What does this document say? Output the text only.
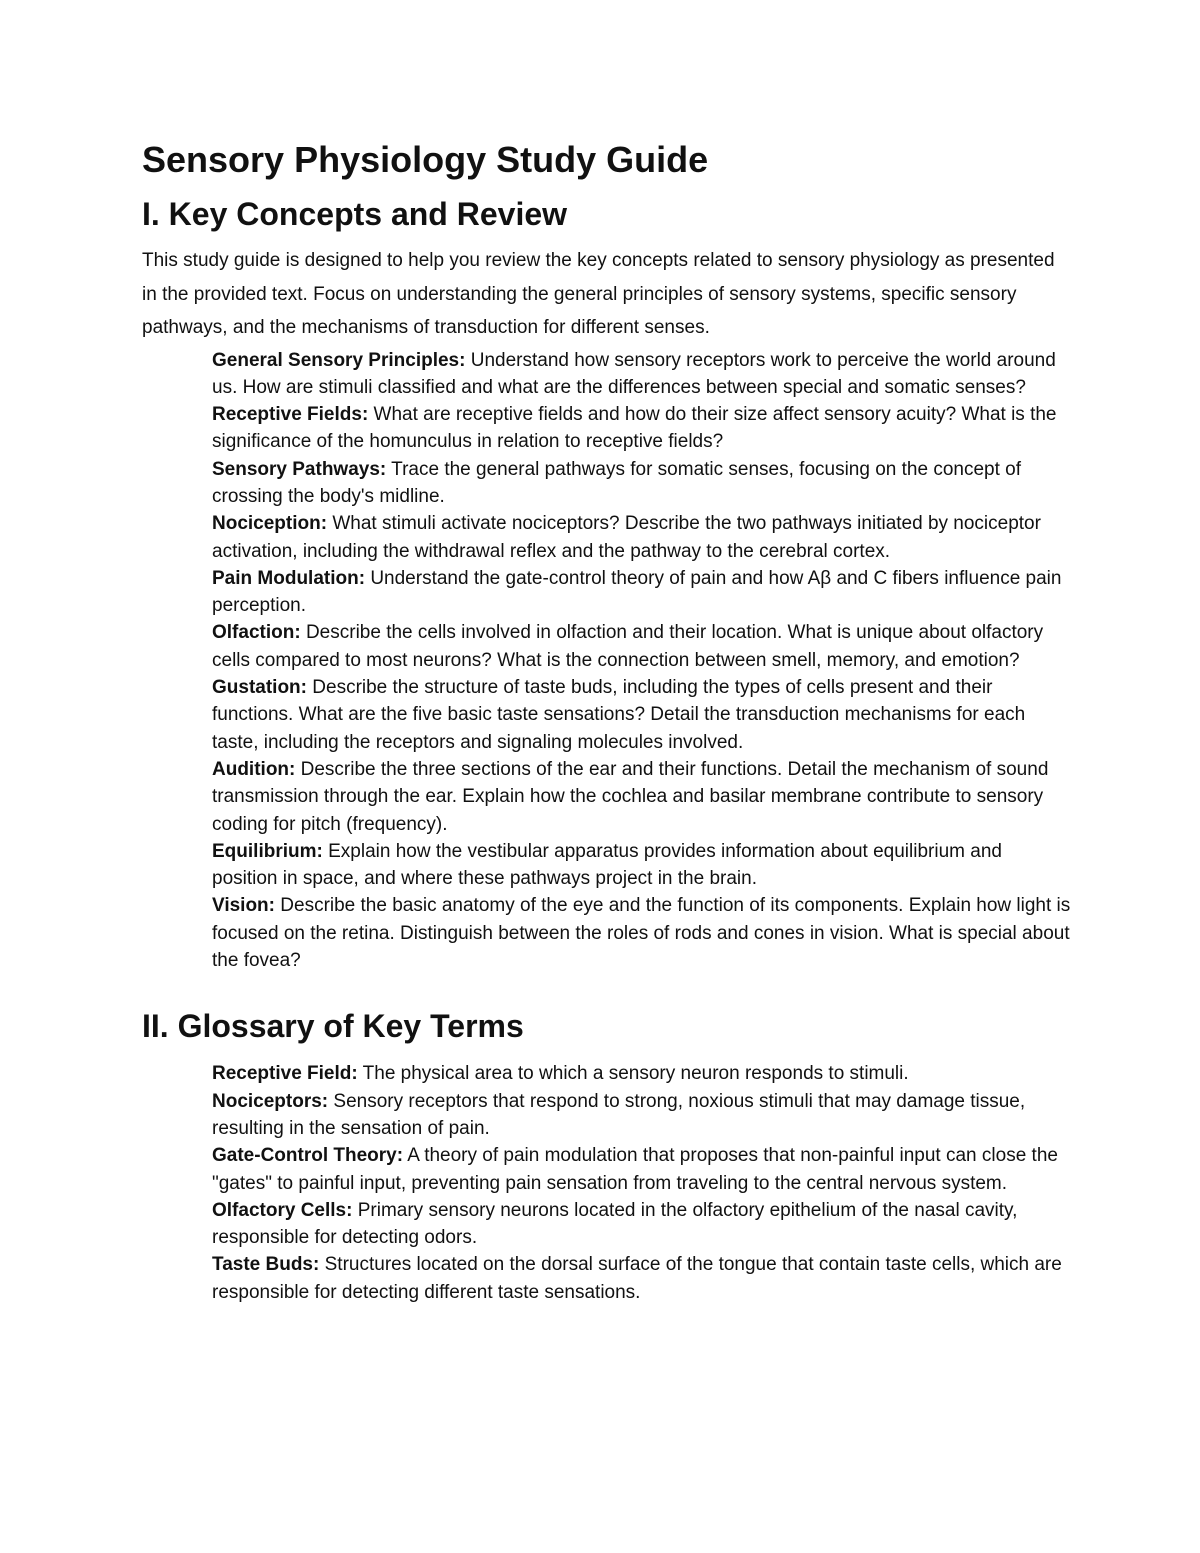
Sensory Physiology Study Guide
I. Key Concepts and Review

This study guide is designed to help you review the key concepts related to sensory physiology as presented in the provided text. Focus on understanding the general principles of sensory systems, specific sensory pathways, and the mechanisms of transduction for different senses.

General Sensory Principles: Understand how sensory receptors work to perceive the world around us. How are stimuli classified and what are the differences between special and somatic senses?
Receptive Fields: What are receptive fields and how do their size affect sensory acuity? What is the significance of the homunculus in relation to receptive fields?
Sensory Pathways: Trace the general pathways for somatic senses, focusing on the concept of crossing the body's midline.
Nociception: What stimuli activate nociceptors? Describe the two pathways initiated by nociceptor activation, including the withdrawal reflex and the pathway to the cerebral cortex.
Pain Modulation: Understand the gate-control theory of pain and how Aβ and C fibers influence pain perception.
Olfaction: Describe the cells involved in olfaction and their location. What is unique about olfactory cells compared to most neurons? What is the connection between smell, memory, and emotion?
Gustation: Describe the structure of taste buds, including the types of cells present and their functions. What are the five basic taste sensations? Detail the transduction mechanisms for each taste, including the receptors and signaling molecules involved.
Audition: Describe the three sections of the ear and their functions. Detail the mechanism of sound transmission through the ear. Explain how the cochlea and basilar membrane contribute to sensory coding for pitch (frequency).
Equilibrium: Explain how the vestibular apparatus provides information about equilibrium and position in space, and where these pathways project in the brain.
Vision: Describe the basic anatomy of the eye and the function of its components. Explain how light is focused on the retina. Distinguish between the roles of rods and cones in vision. What is special about the fovea?
II. Glossary of Key Terms
Receptive Field: The physical area to which a sensory neuron responds to stimuli.
Nociceptors: Sensory receptors that respond to strong, noxious stimuli that may damage tissue, resulting in the sensation of pain.
Gate-Control Theory: A theory of pain modulation that proposes that non-painful input can close the "gates" to painful input, preventing pain sensation from traveling to the central nervous system.
Olfactory Cells: Primary sensory neurons located in the olfactory epithelium of the nasal cavity, responsible for detecting odors.
Taste Buds: Structures located on the dorsal surface of the tongue that contain taste cells, which are responsible for detecting different taste sensations.
